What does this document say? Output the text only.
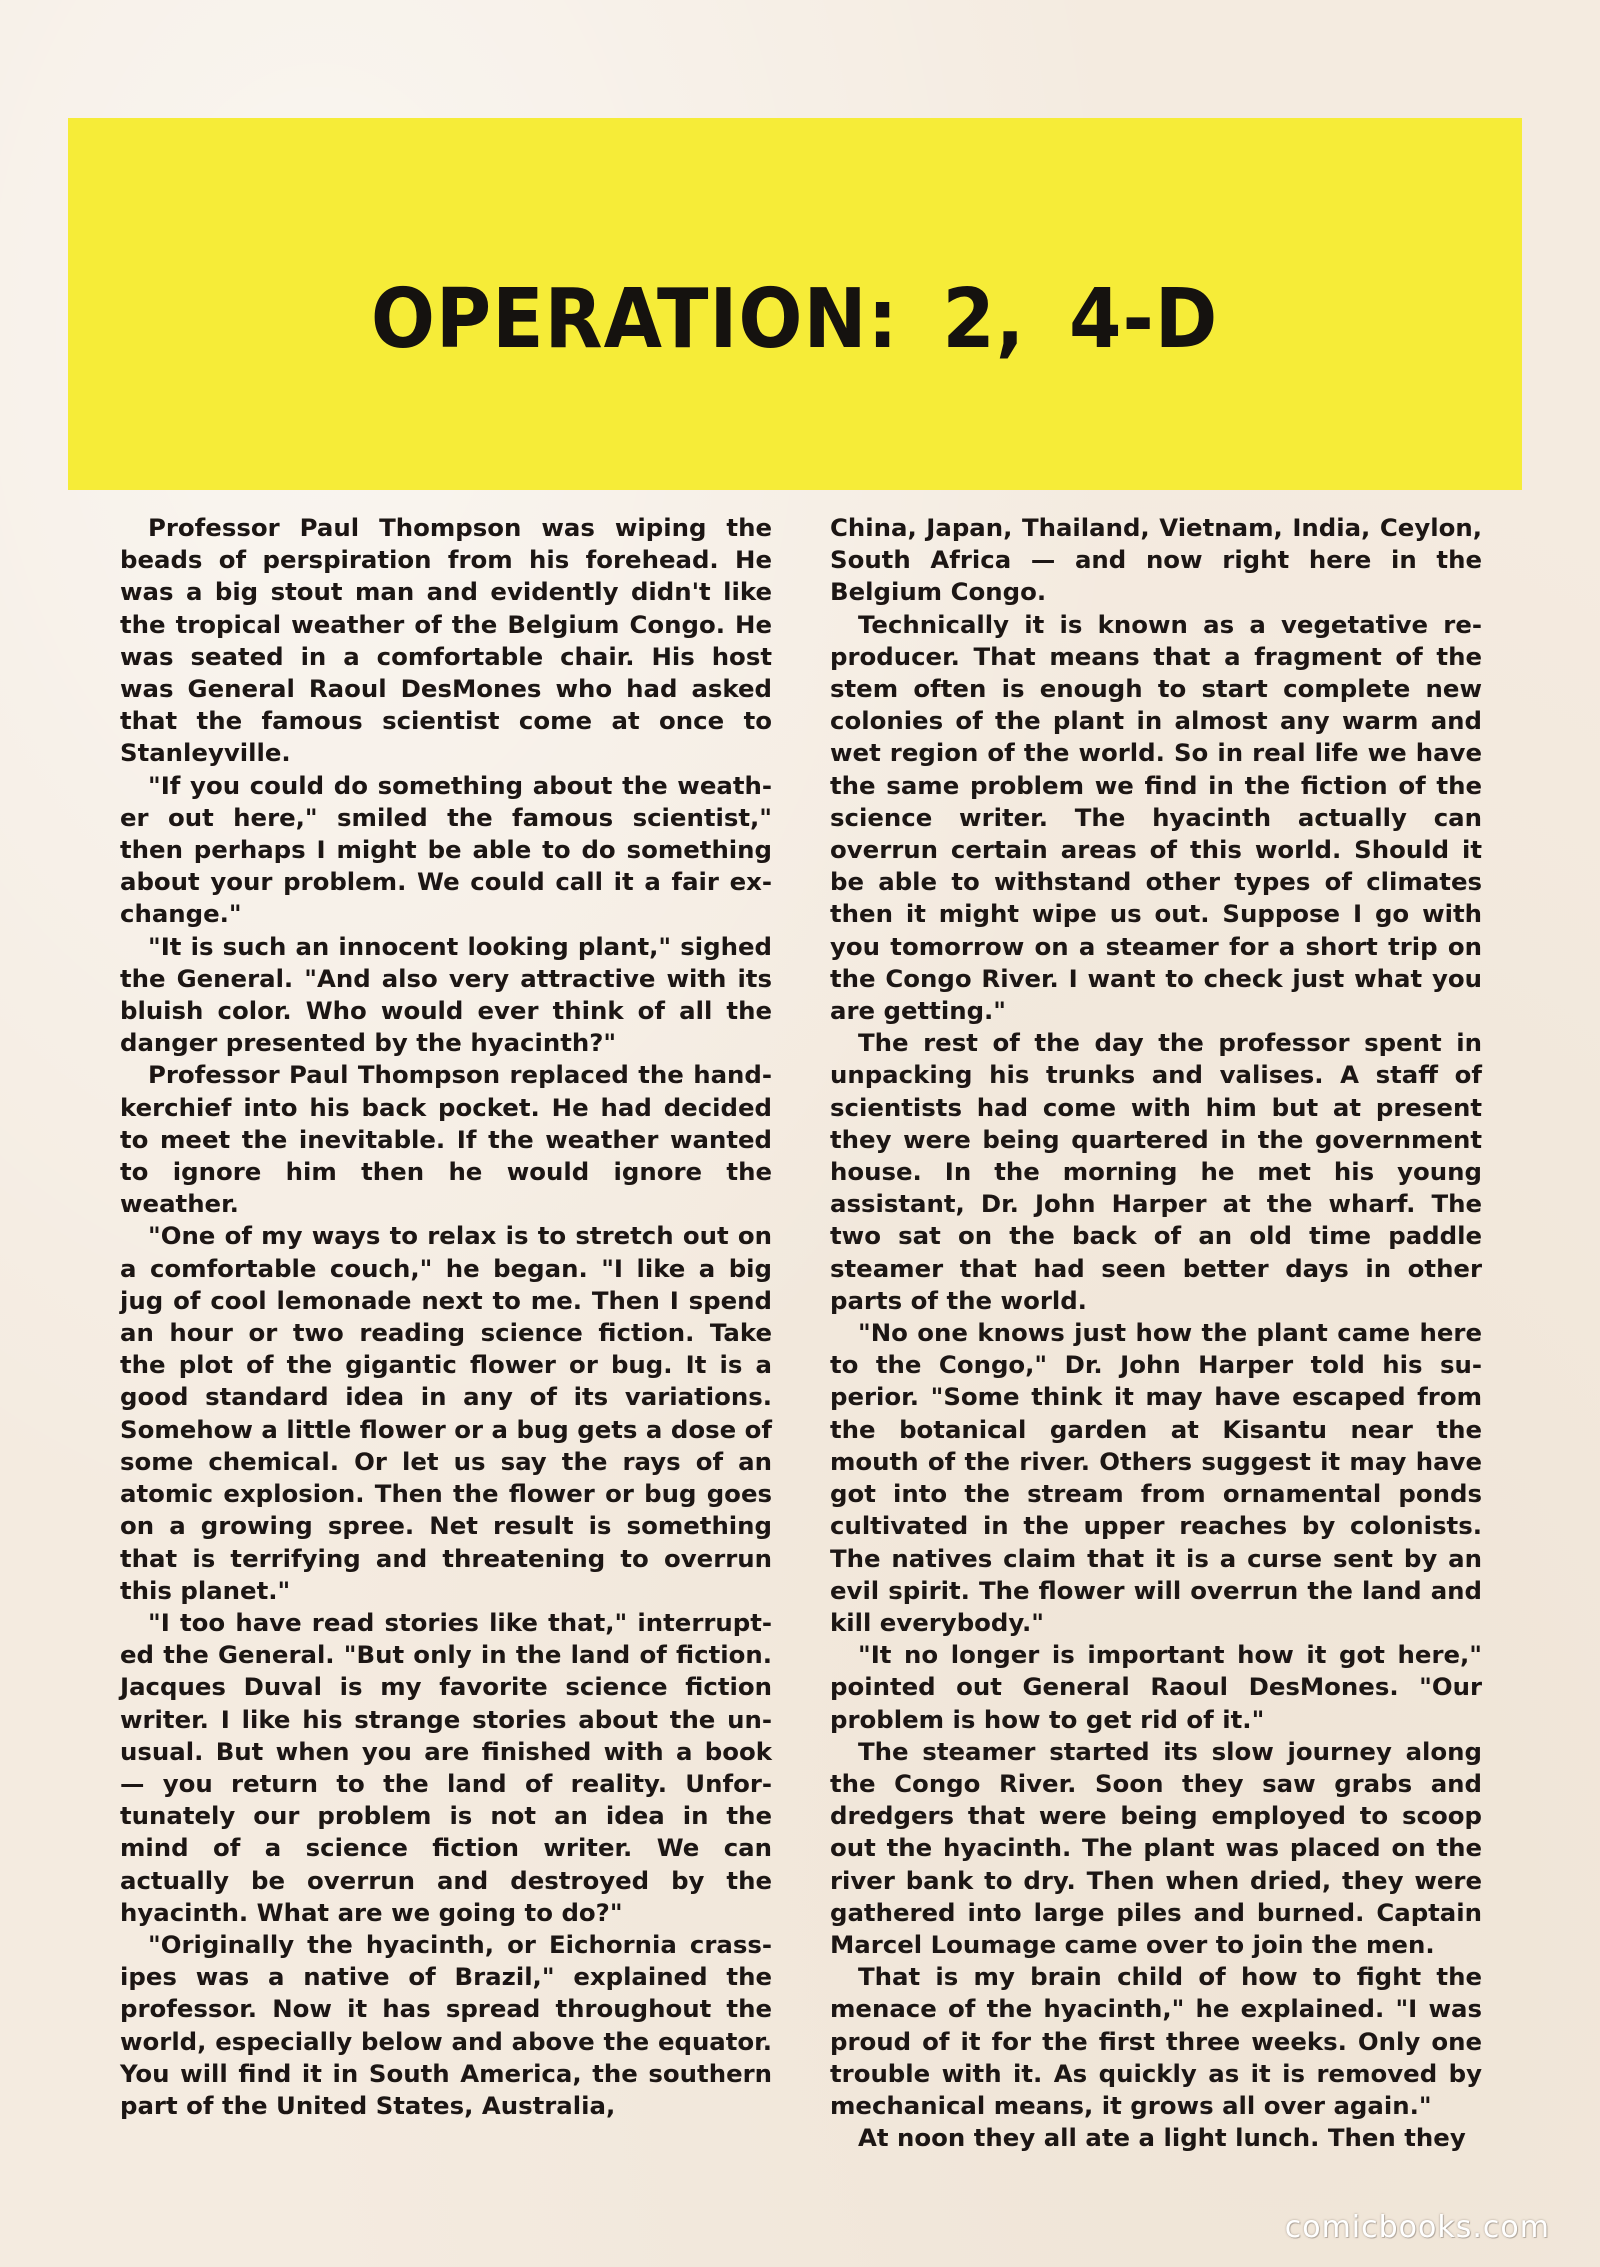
OPERATION: 2, 4-D

Professor Paul Thompson was wiping the beads of perspiration from his forehead. He was a big stout man and evidently didn't like the tropical weather of the Belgium Congo. He was seated in a comfortable chair. His host was General Raoul DesMones who had asked that the famous scientist come at once to Stanleyville.

"If you could do something about the weather out here," smiled the famous scientist," then perhaps I might be able to do something about your problem. We could call it a fair exchange."

"It is such an innocent looking plant," sighed the General. "And also very attractive with its bluish color. Who would ever think of all the danger presented by the hyacinth?"

Professor Paul Thompson replaced the handkerchief into his back pocket. He had decided to meet the inevitable. If the weather wanted to ignore him then he would ignore the weather.

"One of my ways to relax is to stretch out on a comfortable couch," he began. "I like a big jug of cool lemonade next to me. Then I spend an hour or two reading science fiction. Take the plot of the gigantic flower or bug. It is a good standard idea in any of its variations. Somehow a little flower or a bug gets a dose of some chemical. Or let us say the rays of an atomic explosion. Then the flower or bug goes on a growing spree. Net result is something that is terrifying and threatening to overrun this planet."

"I too have read stories like that," interrupted the General. "But only in the land of fiction. Jacques Duval is my favorite science fiction writer. I like his strange stories about the unusual. But when you are finished with a book — you return to the land of reality. Unfortunately our problem is not an idea in the mind of a science fiction writer. We can actually be overrun and destroyed by the hyacinth. What are we going to do?"

"Originally the hyacinth, or Eichornia crassipes was a native of Brazil," explained the professor. Now it has spread throughout the world, especially below and above the equator. You will find it in South America, the southern part of the United States, Australia,

China, Japan, Thailand, Vietnam, India, Ceylon, South Africa — and now right here in the Belgium Congo.

Technically it is known as a vegetative reproducer. That means that a fragment of the stem often is enough to start complete new colonies of the plant in almost any warm and wet region of the world. So in real life we have the same problem we find in the fiction of the science writer. The hyacinth actually can overrun certain areas of this world. Should it be able to withstand other types of climates then it might wipe us out. Suppose I go with you tomorrow on a steamer for a short trip on the Congo River. I want to check just what you are getting."

The rest of the day the professor spent in unpacking his trunks and valises. A staff of scientists had come with him but at present they were being quartered in the government house. In the morning he met his young assistant, Dr. John Harper at the wharf. The two sat on the back of an old time paddle steamer that had seen better days in other parts of the world.

"No one knows just how the plant came here to the Congo," Dr. John Harper told his superior. "Some think it may have escaped from the botanical garden at Kisantu near the mouth of the river. Others suggest it may have got into the stream from ornamental ponds cultivated in the upper reaches by colonists. The natives claim that it is a curse sent by an evil spirit. The flower will overrun the land and kill everybody."

"It no longer is important how it got here," pointed out General Raoul DesMones. "Our problem is how to get rid of it."

The steamer started its slow journey along the Congo River. Soon they saw grabs and dredgers that were being employed to scoop out the hyacinth. The plant was placed on the river bank to dry. Then when dried, they were gathered into large piles and burned. Captain Marcel Loumage came over to join the men.

That is my brain child of how to fight the menace of the hyacinth," he explained. "I was proud of it for the first three weeks. Only one trouble with it. As quickly as it is removed by mechanical means, it grows all over again."

At noon they all ate a light lunch. Then they

comicbooks.com
